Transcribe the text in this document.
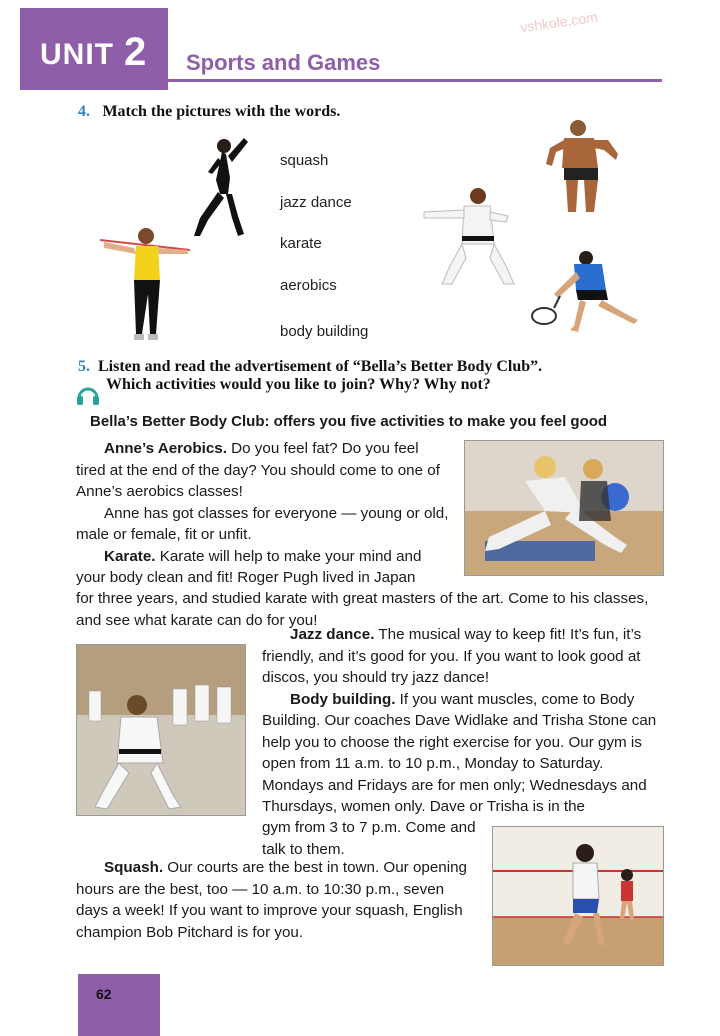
UNIT 2 Sports and Games
4. Match the pictures with the words.
squash
jazz dance
karate
aerobics
body building
5. Listen and read the advertisement of “Bella’s Better Body Club”.
Which activities would you like to join? Why? Why not?
Bella’s Better Body Club: offers you five activities to make you feel good

Anne’s Aerobics. Do you feel fat? Do you feel tired at the end of the day? You should come to one of Anne’s aerobics classes!

Anne has got classes for everyone — young or old, male or female, fit or unfit.

Karate. Karate will help to make your mind and your body clean and fit! Roger Pugh lived in Japan

for three years, and studied karate with great masters of the art. Come to his classes, and see what karate can do for you!

Jazz dance. The musical way to keep fit! It’s fun, it’s friendly, and it’s good for you. If you want to look good at discos, you should try jazz dance!

Body building. If you want muscles, come to Body Building. Our coaches Dave Widlake and Trisha Stone can help you to choose the right exercise for you. Our gym is open from 11 a.m. to 10 p.m., Monday to Saturday. Mondays and Fridays are for men only; Wednesdays and Thursdays, women only. Dave or Trisha is in the

gym from 3 to 7 p.m. Come and talk to them.

Squash. Our courts are the best in town. Our opening hours are the best, too — 10 a.m. to 10:30 p.m., seven days a week! If you want to improve your squash, English champion Bob Pitchard is for you.

62
vshkole.com
